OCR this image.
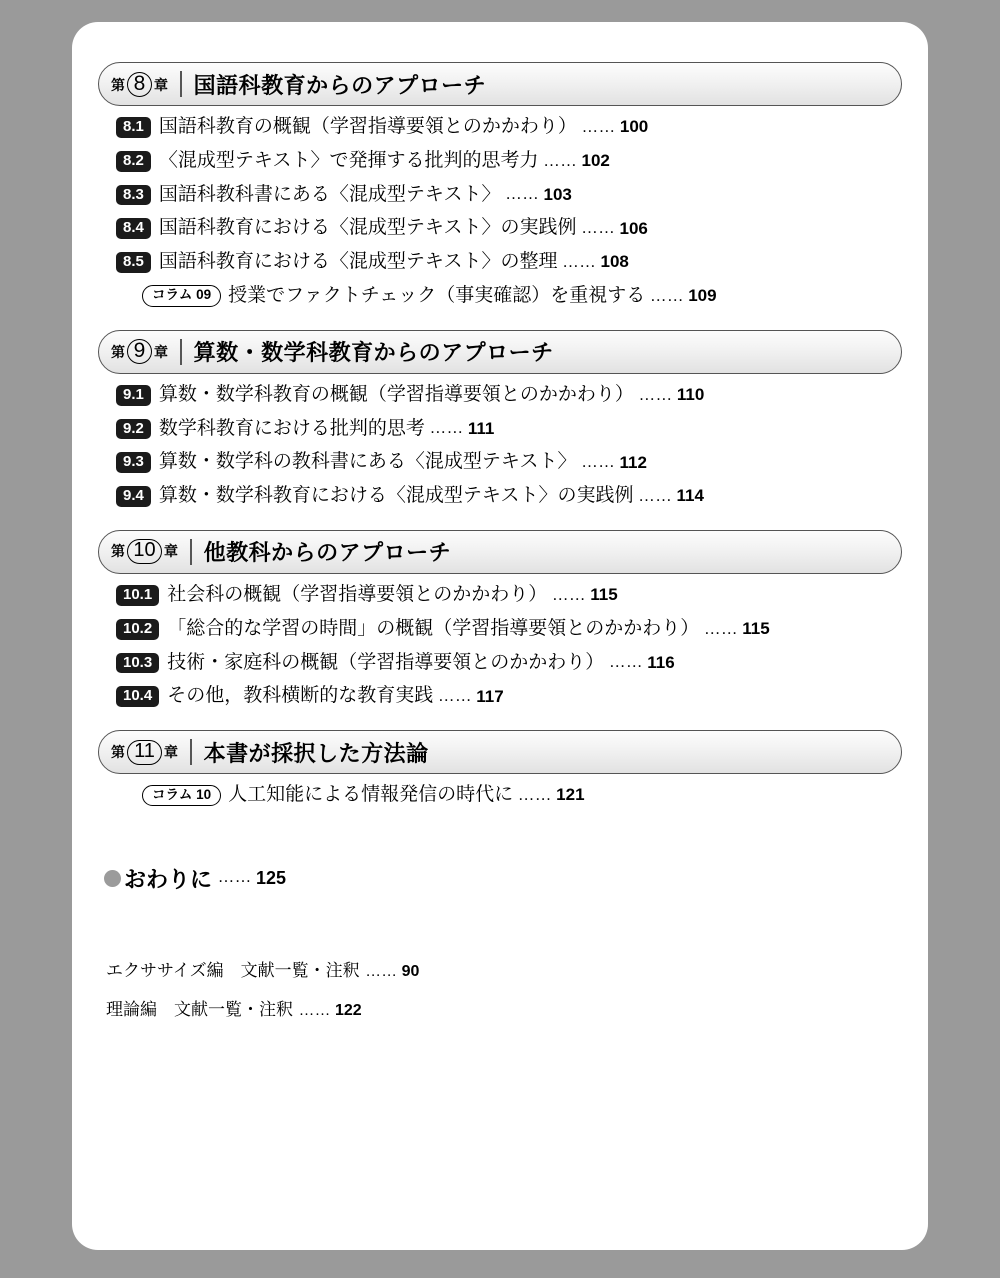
第 8 章 国語科教育からのアプローチ
8.1 国語科教育の概観（学習指導要領とのかかわり） …… 100
8.2 〈混成型テキスト〉で発揮する批判的思考力 …… 102
8.3 国語科教科書にある〈混成型テキスト〉 …… 103
8.4 国語科教育における〈混成型テキスト〉の実践例 …… 106
8.5 国語科教育における〈混成型テキスト〉の整理 …… 108
コラム 09 授業でファクトチェック（事実確認）を重視する …… 109
第 9 章 算数・数学科教育からのアプローチ
9.1 算数・数学科教育の概観（学習指導要領とのかかわり） …… 110
9.2 数学科教育における批判的思考 …… 111
9.3 算数・数学科の教科書にある〈混成型テキスト〉 …… 112
9.4 算数・数学科教育における〈混成型テキスト〉の実践例 …… 114
第 10 章 他教科からのアプローチ
10.1 社会科の概観（学習指導要領とのかかわり） …… 115
10.2 「総合的な学習の時間」の概観（学習指導要領とのかかわり） …… 115
10.3 技術・家庭科の概観（学習指導要領とのかかわり） …… 116
10.4 その他，教科横断的な教育実践 …… 117
第 11 章 本書が採択した方法論
コラム 10 人工知能による情報発信の時代に …… 121
おわりに …… 125
エクササイズ編　文献一覧・注釈 …… 90
理論編　文献一覧・注釈 …… 122
